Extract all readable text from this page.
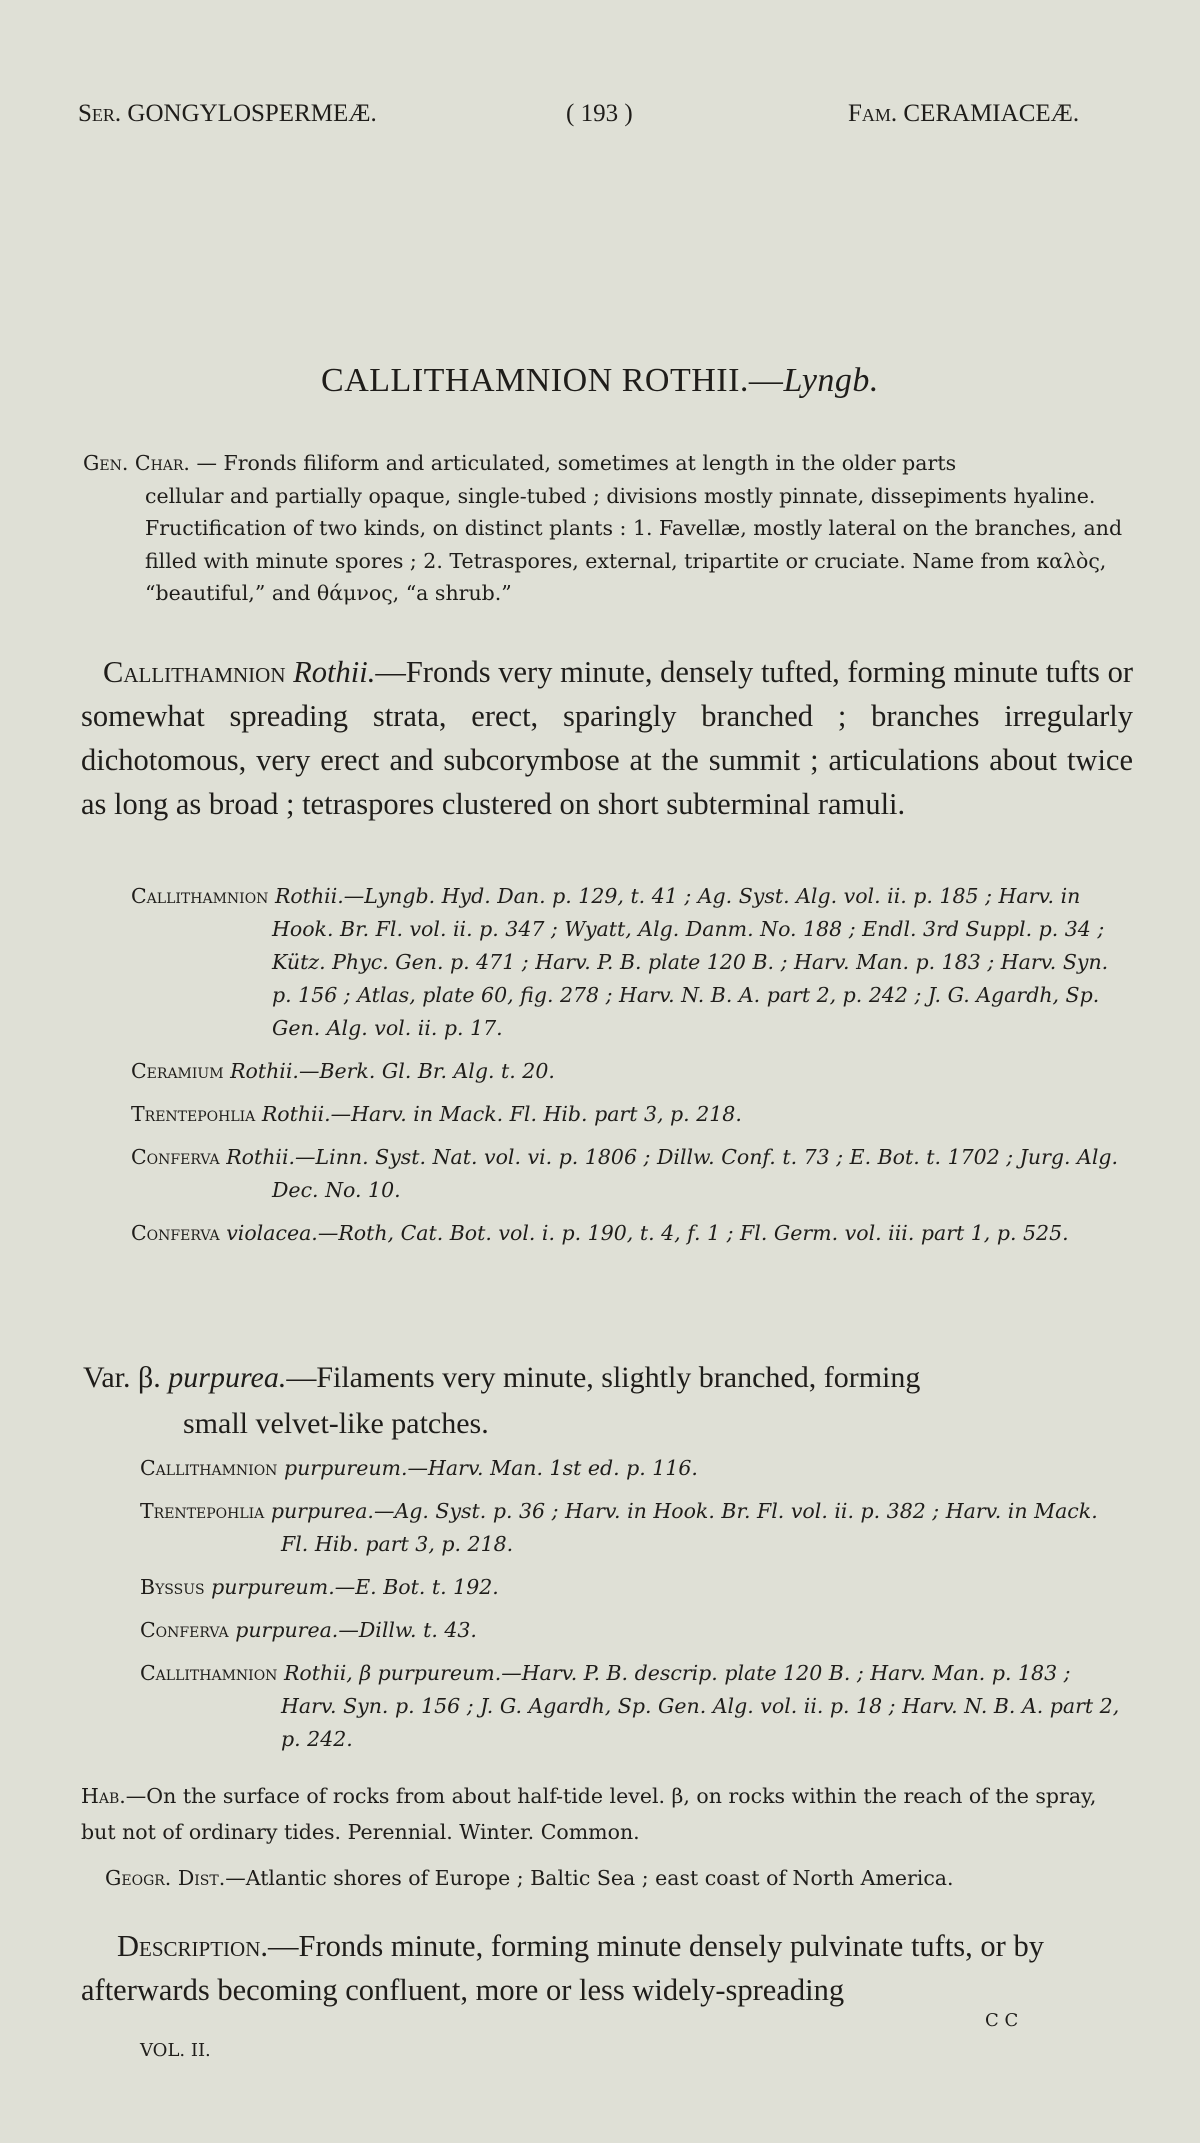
Ser. GONGYLOSPERMEÆ.	( 193 )	Fam. CERAMIACEÆ.
CALLITHAMNION ROTHII.—Lyngb.
Gen. Char. — Fronds filiform and articulated, sometimes at length in the older parts
cellular and partially opaque, single-tubed ; divisions mostly pinnate, dissepiments hyaline. Fructification of two kinds, on distinct plants : 1. Favellæ, mostly lateral on the branches, and filled with minute spores ; 2. Tetraspores, external, tripartite or cruciate. Name from καλὸς, “beautiful,” and θάμνος, “a shrub.”
Callithamnion Rothii.—Fronds very minute, densely tufted, forming minute tufts or somewhat spreading strata, erect, sparingly branched ; branches irregularly dichotomous, very erect and subcorymbose at the summit ; articulations about twice as long as broad ; tetraspores clustered on short subterminal ramuli.

Callithamnion Rothii.—Lyngb. Hyd. Dan. p. 129, t. 41 ; Ag. Syst. Alg. vol. ii. p. 185 ; Harv. in Hook. Br. Fl. vol. ii. p. 347 ; Wyatt, Alg. Danm. No. 188 ; Endl. 3rd Suppl. p. 34 ; Kütz. Phyc. Gen. p. 471 ; Harv. P. B. plate 120 B. ; Harv. Man. p. 183 ; Harv. Syn. p. 156 ; Atlas, plate 60, fig. 278 ; Harv. N. B. A. part 2, p. 242 ; J. G. Agardh, Sp. Gen. Alg. vol. ii. p. 17.

Ceramium Rothii.—Berk. Gl. Br. Alg. t. 20.

Trentepohlia Rothii.—Harv. in Mack. Fl. Hib. part 3, p. 218.

Conferva Rothii.—Linn. Syst. Nat. vol. vi. p. 1806 ; Dillw. Conf. t. 73 ; E. Bot. t. 1702 ; Jurg. Alg. Dec. No. 10.

Conferva violacea.—Roth, Cat. Bot. vol. i. p. 190, t. 4, f. 1 ; Fl. Germ. vol. iii. part 1, p. 525.

Var. β. purpurea.—Filaments very minute, slightly branched, forming
small velvet-like patches.

Callithamnion purpureum.—Harv. Man. 1st ed. p. 116.

Trentepohlia purpurea.—Ag. Syst. p. 36 ; Harv. in Hook. Br. Fl. vol. ii. p. 382 ; Harv. in Mack. Fl. Hib. part 3, p. 218.

Byssus purpureum.—E. Bot. t. 192.

Conferva purpurea.—Dillw. t. 43.

Callithamnion Rothii, β purpureum.—Harv. P. B. descrip. plate 120 B. ; Harv. Man. p. 183 ; Harv. Syn. p. 156 ; J. G. Agardh, Sp. Gen. Alg. vol. ii. p. 18 ; Harv. N. B. A. part 2, p. 242.

Hab.—On the surface of rocks from about half-tide level. β, on rocks within the reach of the spray, but not of ordinary tides. Perennial. Winter. Common.

Geogr. Dist.—Atlantic shores of Europe ; Baltic Sea ; east coast of North America.

Description.—Fronds minute, forming minute densely pulvinate tufts, or by afterwards becoming confluent, more or less widely-spreading
VOL. II.
C C
